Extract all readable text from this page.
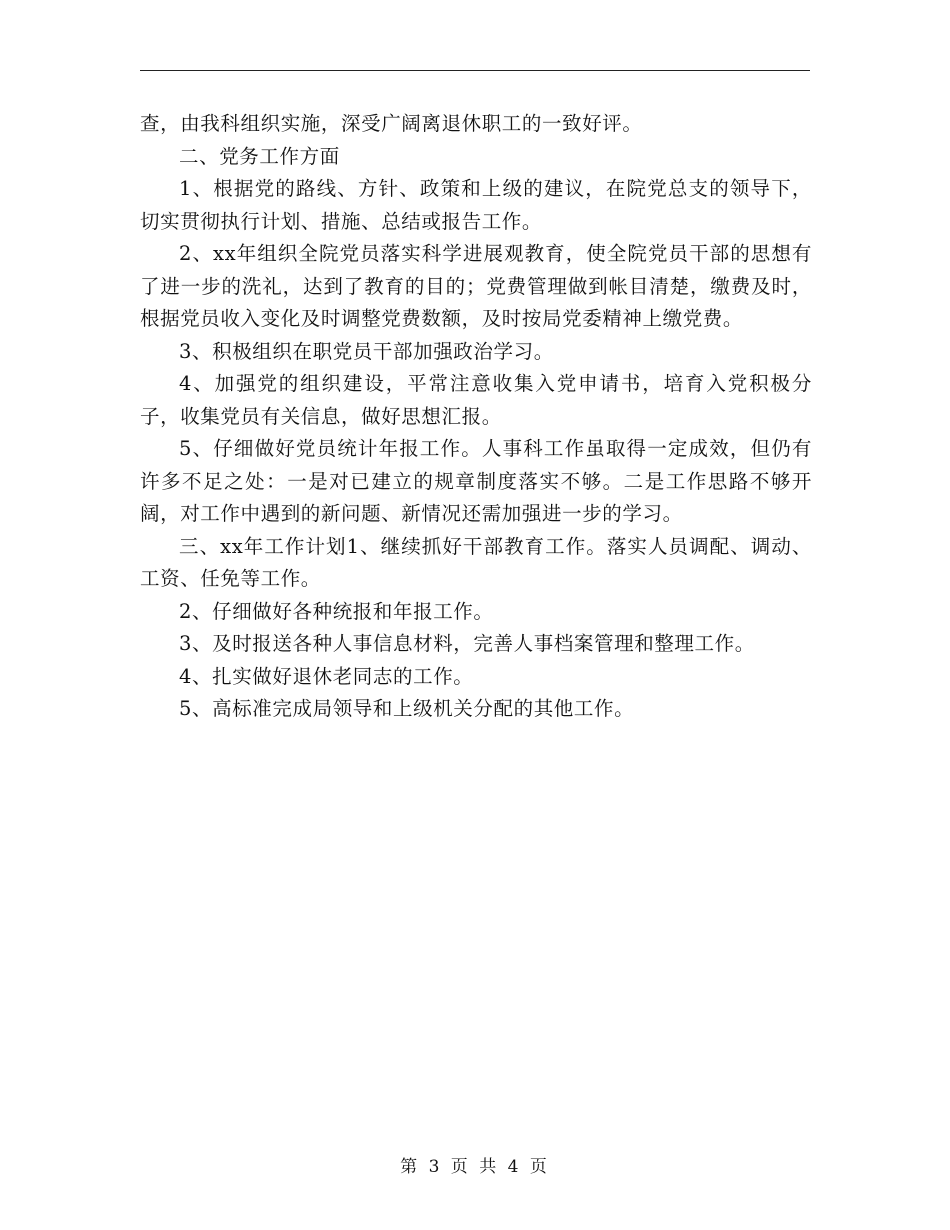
查，由我科组织实施，深受广阔离退休职工的一致好评。

二、党务工作方面

1、根据党的路线、方针、政策和上级的建议，在院党总支的领导下，切实贯彻执行计划、措施、总结或报告工作。

2、xx年组织全院党员落实科学进展观教育，使全院党员干部的思想有了进一步的洗礼，达到了教育的目的；党费管理做到帐目清楚，缴费及时，根据党员收入变化及时调整党费数额，及时按局党委精神上缴党费。

3、积极组织在职党员干部加强政治学习。

4、加强党的组织建设，平常注意收集入党申请书，培育入党积极分子，收集党员有关信息，做好思想汇报。

5、仔细做好党员统计年报工作。人事科工作虽取得一定成效，但仍有许多不足之处：一是对已建立的规章制度落实不够。二是工作思路不够开阔，对工作中遇到的新问题、新情况还需加强进一步的学习。

三、xx年工作计划1、继续抓好干部教育工作。落实人员调配、调动、工资、任免等工作。

2、仔细做好各种统报和年报工作。

3、及时报送各种人事信息材料，完善人事档案管理和整理工作。

4、扎实做好退休老同志的工作。

5、高标准完成局领导和上级机关分配的其他工作。

第 3 页 共 4 页
